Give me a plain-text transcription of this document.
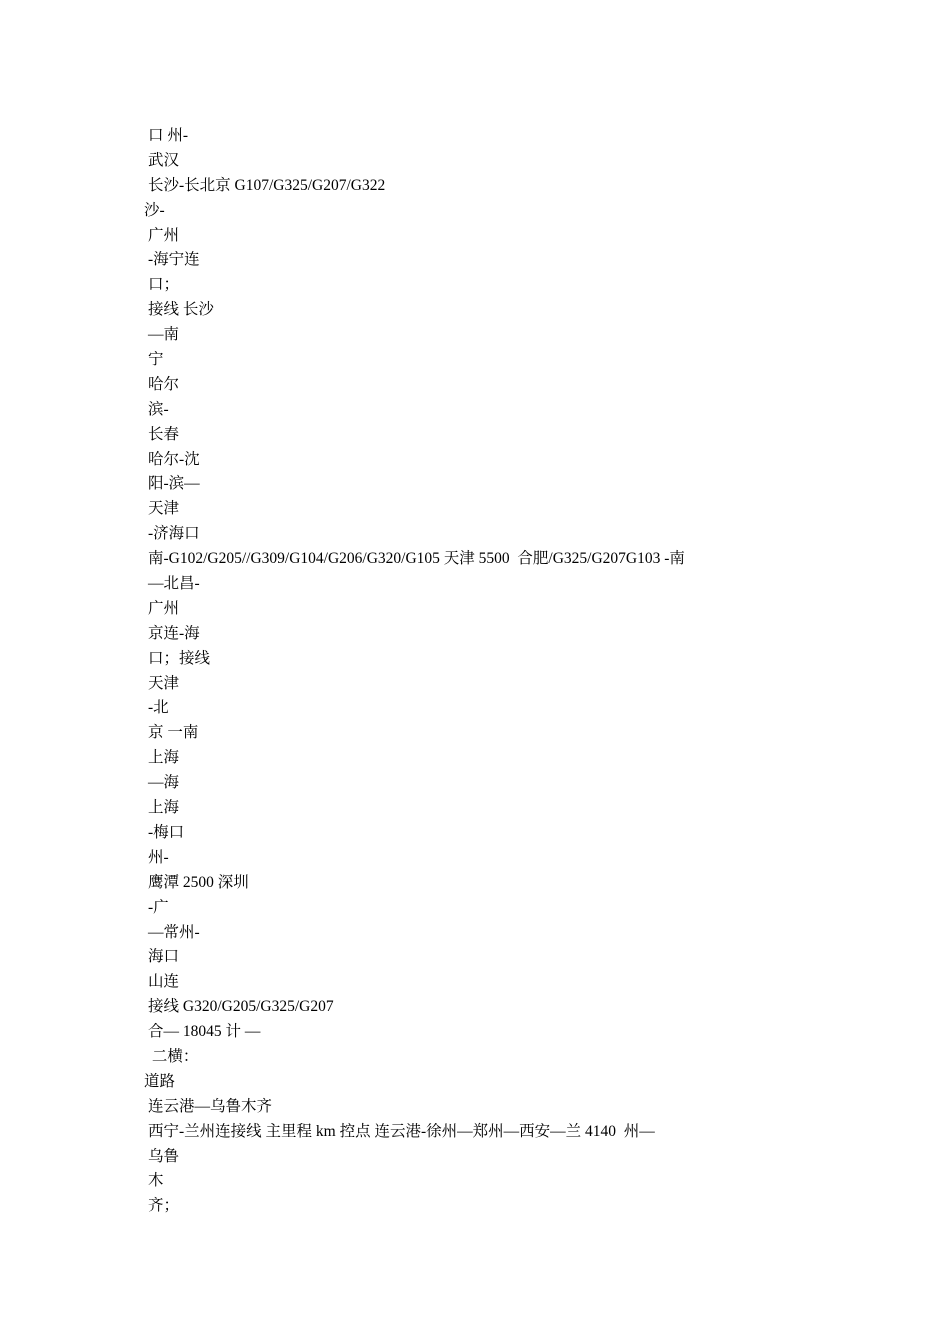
口 州-
武汉
长沙-长北京 G107/G325/G207/G322
沙-
广州
-海宁连
口；
接线 长沙
—南
宁
哈尔
滨-
长春
哈尔-沈
阳-滨—
天津
-济海口
南-G102/G205//G309/G104/G206/G320/G105 天津 5500  合肥/G325/G207G103 -南
—北昌-
广州
京连-海
口；接线
天津
-北
京 一南
上海
—海
上海
-梅口
州-
鹰潭 2500 深圳
-广
—常州-
海口
山连
接线 G320/G205/G325/G207
合— 18045 计 —
二横：
道路
连云港—乌鲁木齐
西宁-兰州连接线 主里程 km 控点 连云港-徐州—郑州—西安—兰 4140  州—
乌鲁
木
齐；
